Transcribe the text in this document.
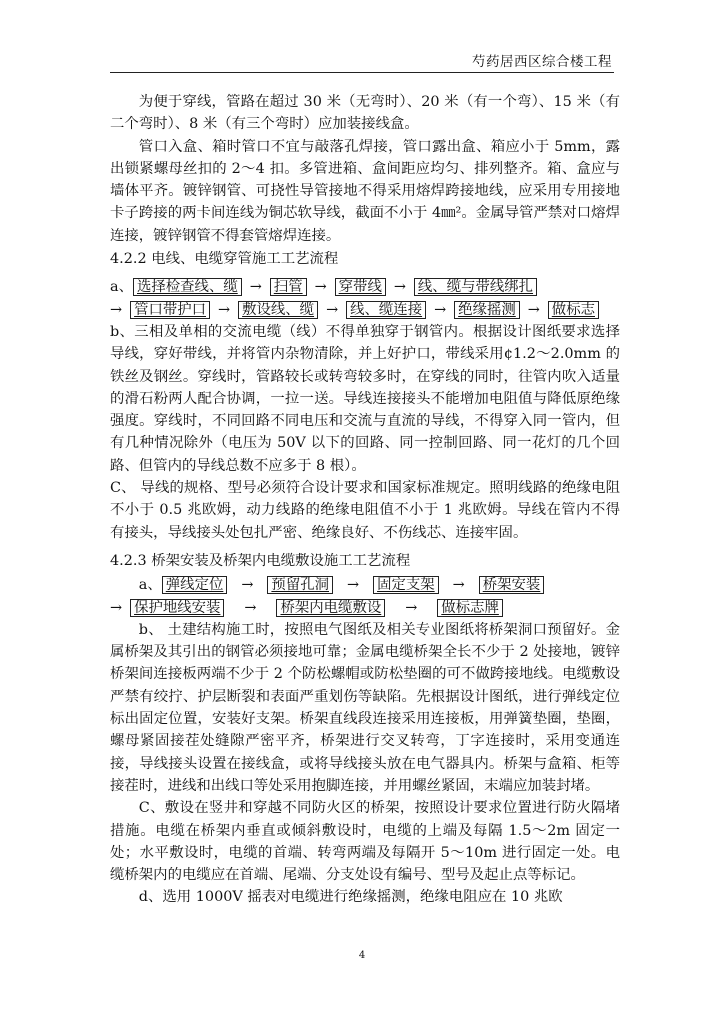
芍药居西区综合楼工程

为便于穿线，管路在超过 30 米（无弯时）、20 米（有一个弯）、15 米（有二个弯时）、8 米（有三个弯时）应加装接线盒。

管口入盒、箱时管口不宜与敲落孔焊接，管口露出盒、箱应小于 5mm，露出锁紧螺母丝扣的 2～4 扣。多管进箱、盒间距应均匀、排列整齐。箱、盒应与墙体平齐。镀锌钢管、可挠性导管接地不得采用熔焊跨接地线，应采用专用接地卡子跨接的两卡间连线为铜芯软导线，截面不小于 4㎜²。金属导管严禁对口熔焊连接，镀锌钢管不得套管熔焊连接。

4.2.2 电线、电缆穿管施工工艺流程

a、 选择检查线、缆 → 扫管 → 穿带线 → 线、缆与带线绑扎
→ 管口带护口 → 敷设线、缆 → 线、缆连接 → 绝缘摇测 → 做标志

b、三相及单相的交流电缆（线）不得单独穿于钢管内。根据设计图纸要求选择导线，穿好带线，并将管内杂物清除，并上好护口，带线采用¢1.2～2.0mm 的铁丝及钢丝。穿线时，管路较长或转弯较多时，在穿线的同时，往管内吹入适量的滑石粉两人配合协调，一拉一送。导线连接接头不能增加电阻值与降低原绝缘强度。穿线时，不同回路不同电压和交流与直流的导线，不得穿入同一管内，但有几种情况除外（电压为 50V 以下的回路、同一控制回路、同一花灯的几个回路、但管内的导线总数不应多于 8 根）。

C、 导线的规格、型号必须符合设计要求和国家标准规定。照明线路的绝缘电阻不小于 0.5 兆欧姆，动力线路的绝缘电阻值不小于 1 兆欧姆。导线在管内不得有接头，导线接头处包扎严密、绝缘良好、不伤线芯、连接牢固。

4.2.3 桥架安装及桥架内电缆敷设施工工艺流程

a、 弹线定位 → 预留孔洞 → 固定支架 → 桥架安装
→ 保护地线安装 → 桥架内电缆敷设 → 做标志牌

b、 土建结构施工时，按照电气图纸及相关专业图纸将桥架洞口预留好。金属桥架及其引出的钢管必须接地可靠；金属电缆桥架全长不少于 2 处接地，镀锌桥架间连接板两端不少于 2 个防松螺帽或防松垫圈的可不做跨接地线。电缆敷设严禁有绞拧、护层断裂和表面严重划伤等缺陷。先根据设计图纸，进行弹线定位标出固定位置，安装好支架。桥架直线段连接采用连接板，用弹簧垫圈，垫圈，螺母紧固接茬处缝隙严密平齐，桥架进行交叉转弯，丁字连接时，采用变通连接，导线接头设置在接线盒，或将导线接头放在电气器具内。桥架与盒箱、柜等接茬时，进线和出线口等处采用抱脚连接，并用螺丝紧固，末端应加装封堵。

C、敷设在竖井和穿越不同防火区的桥架，按照设计要求位置进行防火隔堵措施。电缆在桥架内垂直或倾斜敷设时，电缆的上端及每隔 1.5～2m 固定一处；水平敷设时，电缆的首端、转弯两端及每隔开 5～10m 进行固定一处。电缆桥架内的电缆应在首端、尾端、分支处设有编号、型号及起止点等标记。

d、选用 1000V 摇表对电缆进行绝缘摇测，绝缘电阻应在 10 兆欧

4
